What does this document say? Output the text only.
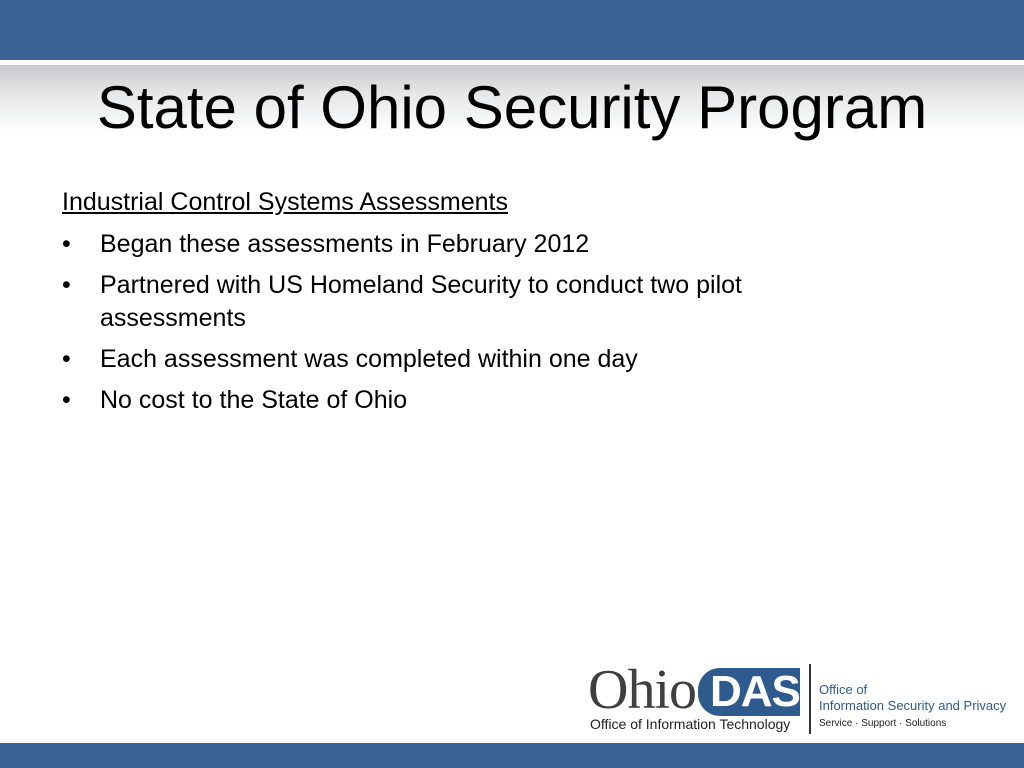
State of Ohio Security Program
Industrial Control Systems Assessments
• Began these assessments in February 2012
• Partnered with US Homeland Security to conduct two pilot assessments
• Each assessment was completed within one day
• No cost to the State of Ohio
Ohio DAS
Office of Information Technology
Office of
Information Security and Privacy
Service · Support · Solutions
